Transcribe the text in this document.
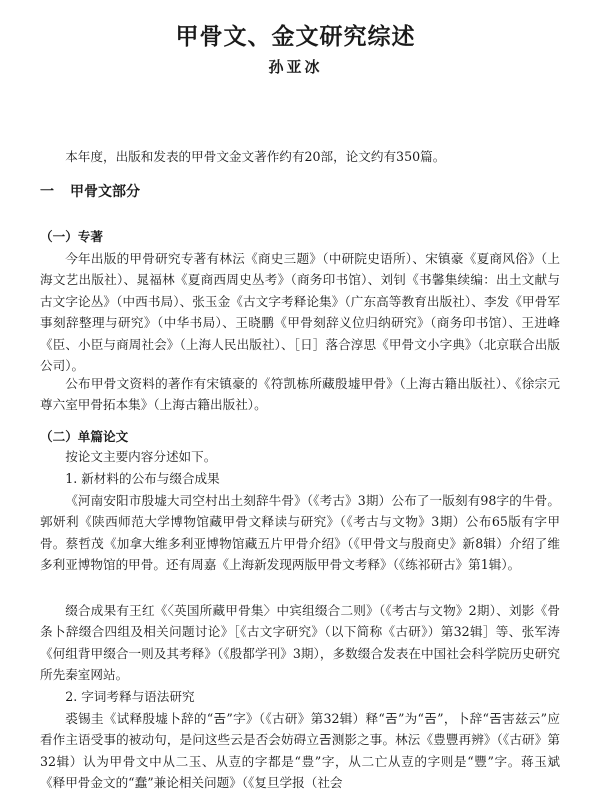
甲骨文、金文研究综述
孙亚冰
本年度，出版和发表的甲骨文金文著作约有20部，论文约有350篇。
一 甲骨文部分
（一）专著
今年出版的甲骨研究专著有林沄《商史三题》（中研院史语所）、宋镇豪《夏商风俗》（上海文艺出版社）、晁福林《夏商西周史丛考》（商务印书馆）、刘钊《书馨集续编：出土文献与古文字论丛》（中西书局）、张玉金《古文字考释论集》（广东高等教育出版社）、李发《甲骨军事刻辞整理与研究》（中华书局）、王晓鹏《甲骨刻辞义位归纳研究》（商务印书馆）、王进峰《臣、小臣与商周社会》（上海人民出版社）、［日］落合淳思《甲骨文小字典》（北京联合出版公司）。
公布甲骨文资料的著作有宋镇豪的《符凯栋所藏殷墟甲骨》（上海古籍出版社）、《徐宗元尊六室甲骨拓本集》（上海古籍出版社）。
（二）单篇论文
按论文主要内容分述如下。
1. 新材料的公布与缀合成果
《河南安阳市殷墟大司空村出土刻辞牛骨》（《考古》3期）公布了一版刻有98字的牛骨。郭妍利《陕西师范大学博物馆藏甲骨文释读与研究》（《考古与文物》3期）公布65版有字甲骨。蔡哲茂《加拿大维多利亚博物馆藏五片甲骨介绍》（《甲骨文与殷商史》新8辑）介绍了维多利亚博物馆的甲骨。还有周嘉《上海新发现两版甲骨文考释》（《练祁研古》第1辑）。
缀合成果有王红《〈英国所藏甲骨集〉中宾组缀合二则》（《考古与文物》2期）、刘影《骨条卜辞缀合四组及相关问题讨论》［《古文字研究》（以下简称《古研》）第32辑］等、张军涛《何组背甲缀合一则及其考释》（《殷都学刊》3期），多数缀合发表在中国社会科学院历史研究所先秦室网站。
2. 字词考释与语法研究
裘锡圭《试释殷墟卜辞的“𢀛”字》（《古研》第32辑）释“𢀛”为“𢀛”，卜辞“𢀛害兹云”应看作主语受事的被动句，是问这些云是否会妨碍立𢀛测影之事。林沄《豊豐再辨》（《古研》第32辑）认为甲骨文中从二玉、从壴的字都是“豊”字，从二亡从壴的字则是“豐”字。蒋玉斌《释甲骨金文的“蠢”兼论相关问题》（《复旦学报（社会
